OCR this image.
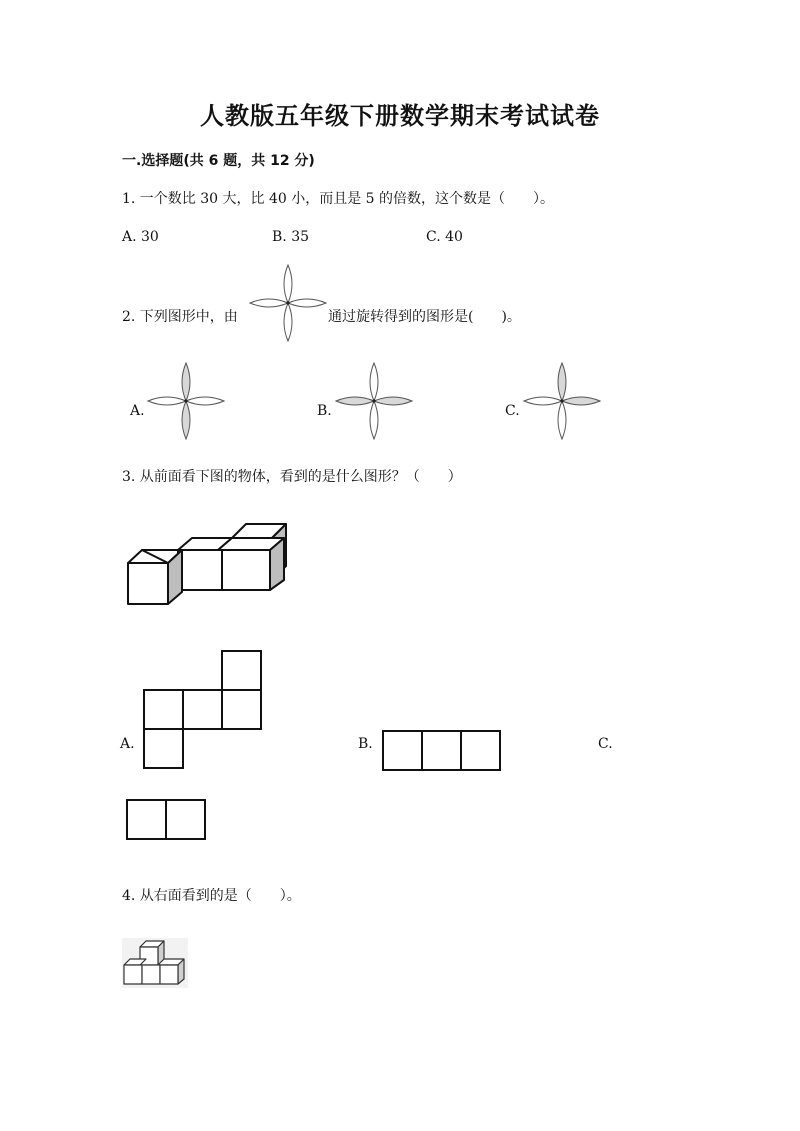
人教版五年级下册数学期末考试试卷
一.选择题(共 6 题，共 12 分)
1. 一个数比 30 大，比 40 小，而且是 5 的倍数，这个数是（　　）。
A. 30	B. 35	C. 40
2. 下列图形中，由	通过旋转得到的图形是(　　)。
A.	B.	C.
3. 从前面看下图的物体，看到的是什么图形？（　　）
A.	B.	C.
4. 从右面看到的是（　　）。
